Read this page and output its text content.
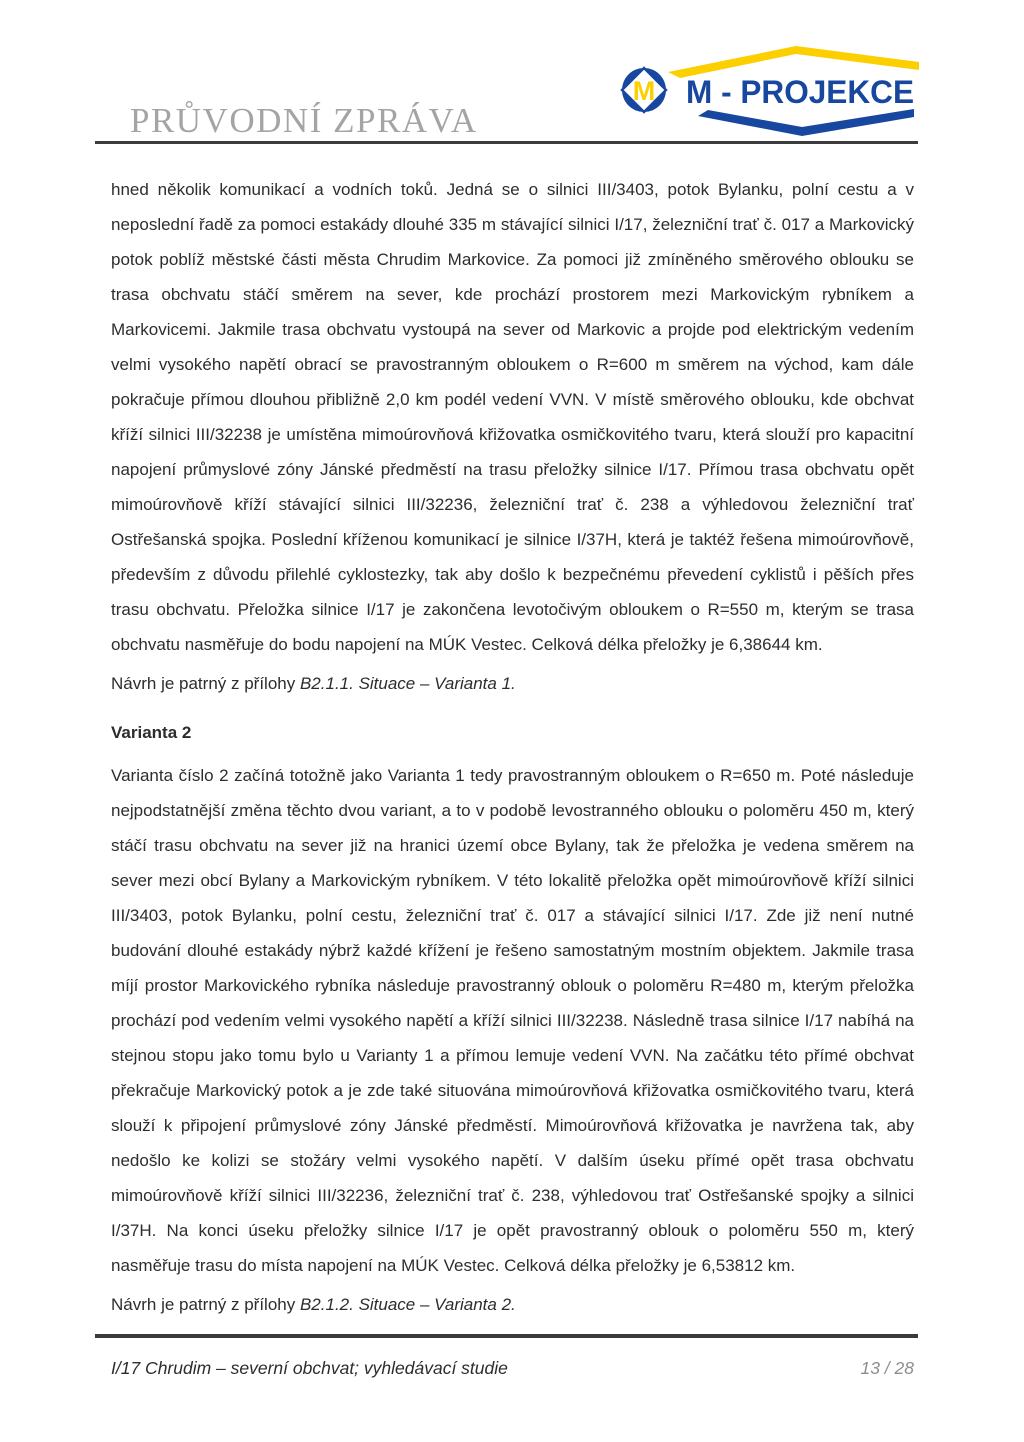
PRŮVODNÍ ZPRÁVA
M M - PROJEKCE

hned několik komunikací a vodních toků. Jedná se o silnici III/3403, potok Bylanku, polní cestu a v neposlední řadě za pomoci estakády dlouhé 335 m stávající silnici I/17, železniční trať č. 017 a Markovický potok poblíž městské části města Chrudim Markovice. Za pomoci již zmíněného směrového oblouku se trasa obchvatu stáčí směrem na sever, kde prochází prostorem mezi Markovickým rybníkem a Markovicemi. Jakmile trasa obchvatu vystoupá na sever od Markovic a projde pod elektrickým vedením velmi vysokého napětí obrací se pravostranným obloukem o R=600 m směrem na východ, kam dále pokračuje přímou dlouhou přibližně 2,0 km podél vedení VVN. V místě směrového oblouku, kde obchvat kříží silnici III/32238 je umístěna mimoúrovňová křižovatka osmičkovitého tvaru, která slouží pro kapacitní napojení průmyslové zóny Jánské předměstí na trasu přeložky silnice I/17. Přímou trasa obchvatu opět mimoúrovňově kříží stávající silnici III/32236, železniční trať č. 238 a výhledovou železniční trať Ostřešanská spojka. Poslední kříženou komunikací je silnice I/37H, která je taktéž řešena mimoúrovňově, především z důvodu přilehlé cyklostezky, tak aby došlo k bezpečnému převedení cyklistů i pěších přes trasu obchvatu. Přeložka silnice I/17 je zakončena levotočivým obloukem o R=550 m, kterým se trasa obchvatu nasměřuje do bodu napojení na MÚK Vestec. Celková délka přeložky je 6,38644 km.

Návrh je patrný z přílohy B2.1.1. Situace – Varianta 1.

Varianta 2

Varianta číslo 2 začíná totožně jako Varianta 1 tedy pravostranným obloukem o R=650 m. Poté následuje nejpodstatnější změna těchto dvou variant, a to v podobě levostranného oblouku o poloměru 450 m, který stáčí trasu obchvatu na sever již na hranici území obce Bylany, tak že přeložka je vedena směrem na sever mezi obcí Bylany a Markovickým rybníkem. V této lokalitě přeložka opět mimoúrovňově kříží silnici III/3403, potok Bylanku, polní cestu, železniční trať č. 017 a stávající silnici I/17. Zde již není nutné budování dlouhé estakády nýbrž každé křížení je řešeno samostatným mostním objektem. Jakmile trasa míjí prostor Markovického rybníka následuje pravostranný oblouk o poloměru R=480 m, kterým přeložka prochází pod vedením velmi vysokého napětí a kříží silnici III/32238. Následně trasa silnice I/17 nabíhá na stejnou stopu jako tomu bylo u Varianty 1 a přímou lemuje vedení VVN. Na začátku této přímé obchvat překračuje Markovický potok a je zde také situována mimoúrovňová křižovatka osmičkovitého tvaru, která slouží k připojení průmyslové zóny Jánské předměstí. Mimoúrovňová křižovatka je navržena tak, aby nedošlo ke kolizi se stožáry velmi vysokého napětí. V dalším úseku přímé opět trasa obchvatu mimoúrovňově kříží silnici III/32236, železniční trať č. 238, výhledovou trať Ostřešanské spojky a silnici I/37H. Na konci úseku přeložky silnice I/17 je opět pravostranný oblouk o poloměru 550 m, který nasměřuje trasu do místa napojení na MÚK Vestec. Celková délka přeložky je 6,53812 km.

Návrh je patrný z přílohy B2.1.2. Situace – Varianta 2.

I/17 Chrudim – severní obchvat; vyhledávací studie	13 / 28
